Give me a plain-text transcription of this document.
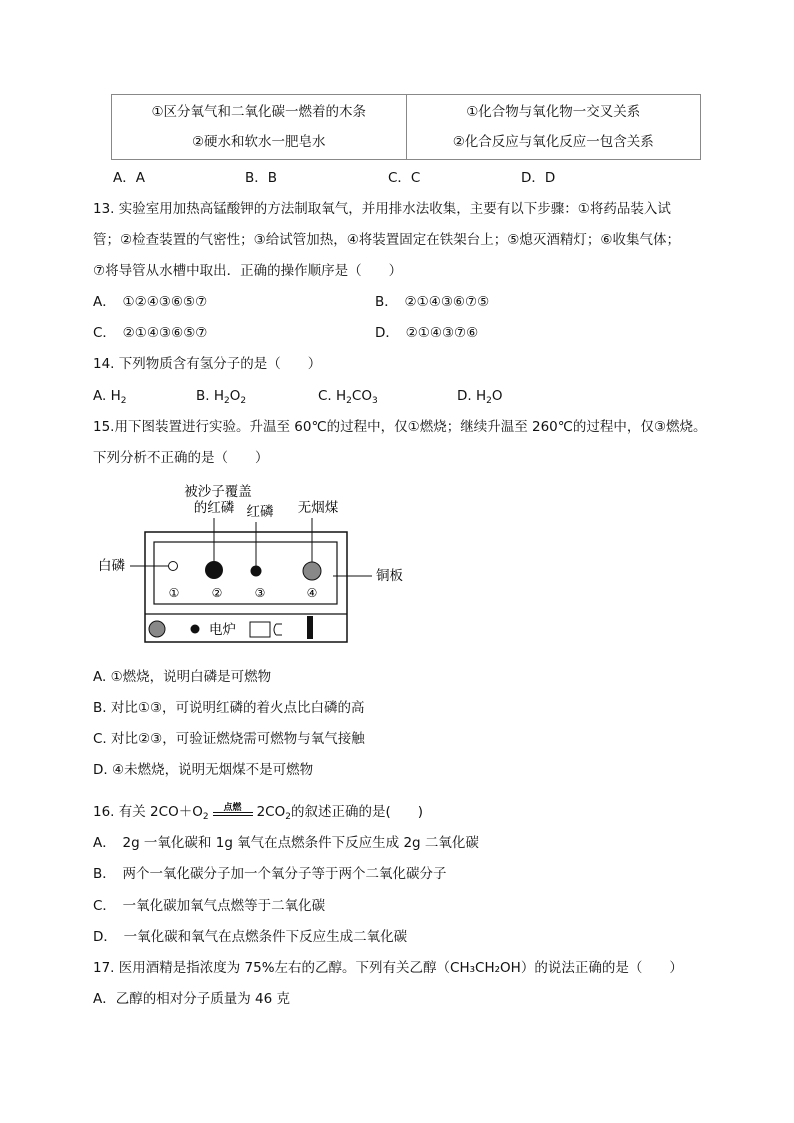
①区分氧气和二氧化碳一燃着的木条
②硬水和软水一肥皂水

①化合物与氧化物一交叉关系
②化合反应与氧化反应一包含关系
A．A	B．B	C．C	D．D
13. 实验室用加热高锰酸钾的方法制取氧气，并用排水法收集，主要有以下步骤：①将药品装入试
管；②检查装置的气密性；③给试管加热，④将装置固定在铁架台上；⑤熄灭酒精灯；⑥收集气体；
⑦将导管从水槽中取出．正确的操作顺序是（　　）
A．　①②④③⑥⑤⑦	B．　②①④③⑥⑦⑤
C．　②①④③⑥⑤⑦	D．　②①④③⑦⑥
14. 下列物质含有氢分子的是（　　）
A. $H_2$	B. $H_2O_2$	C. $H_2CO_3$	D. $H_2O$
15.用下图装置进行实验。升温至 60℃的过程中，仅①燃烧；继续升温至 260℃的过程中，仅③燃烧。
下列分析不正确的是（　　）
被沙子覆盖
的红磷 红磷 无烟煤
白磷
铜板
①	②	③	④
电炉
A. ①燃烧，说明白磷是可燃物
B. 对比①③，可说明红磷的着火点比白磷的高
C. 对比②③，可验证燃烧需可燃物与氧气接触
D. ④未燃烧，说明无烟煤不是可燃物
16. 有关 $2CO+O_2$
点燃	$2CO_2$的叙述正确的是(　　)
A．　2g 一氧化碳和 1g 氧气在点燃条件下反应生成 2g 二氧化碳
B．　两个一氧化碳分子加一个氧分子等于两个二氧化碳分子
C．　一氧化碳加氧气点燃等于二氧化碳
D．　一氧化碳和氧气在点燃条件下反应生成二氧化碳
17. 医用酒精是指浓度为 75%左右的乙醇。下列有关乙醇（CH₃CH₂OH）的说法正确的是（　　）
A．乙醇的相对分子质量为 46 克
